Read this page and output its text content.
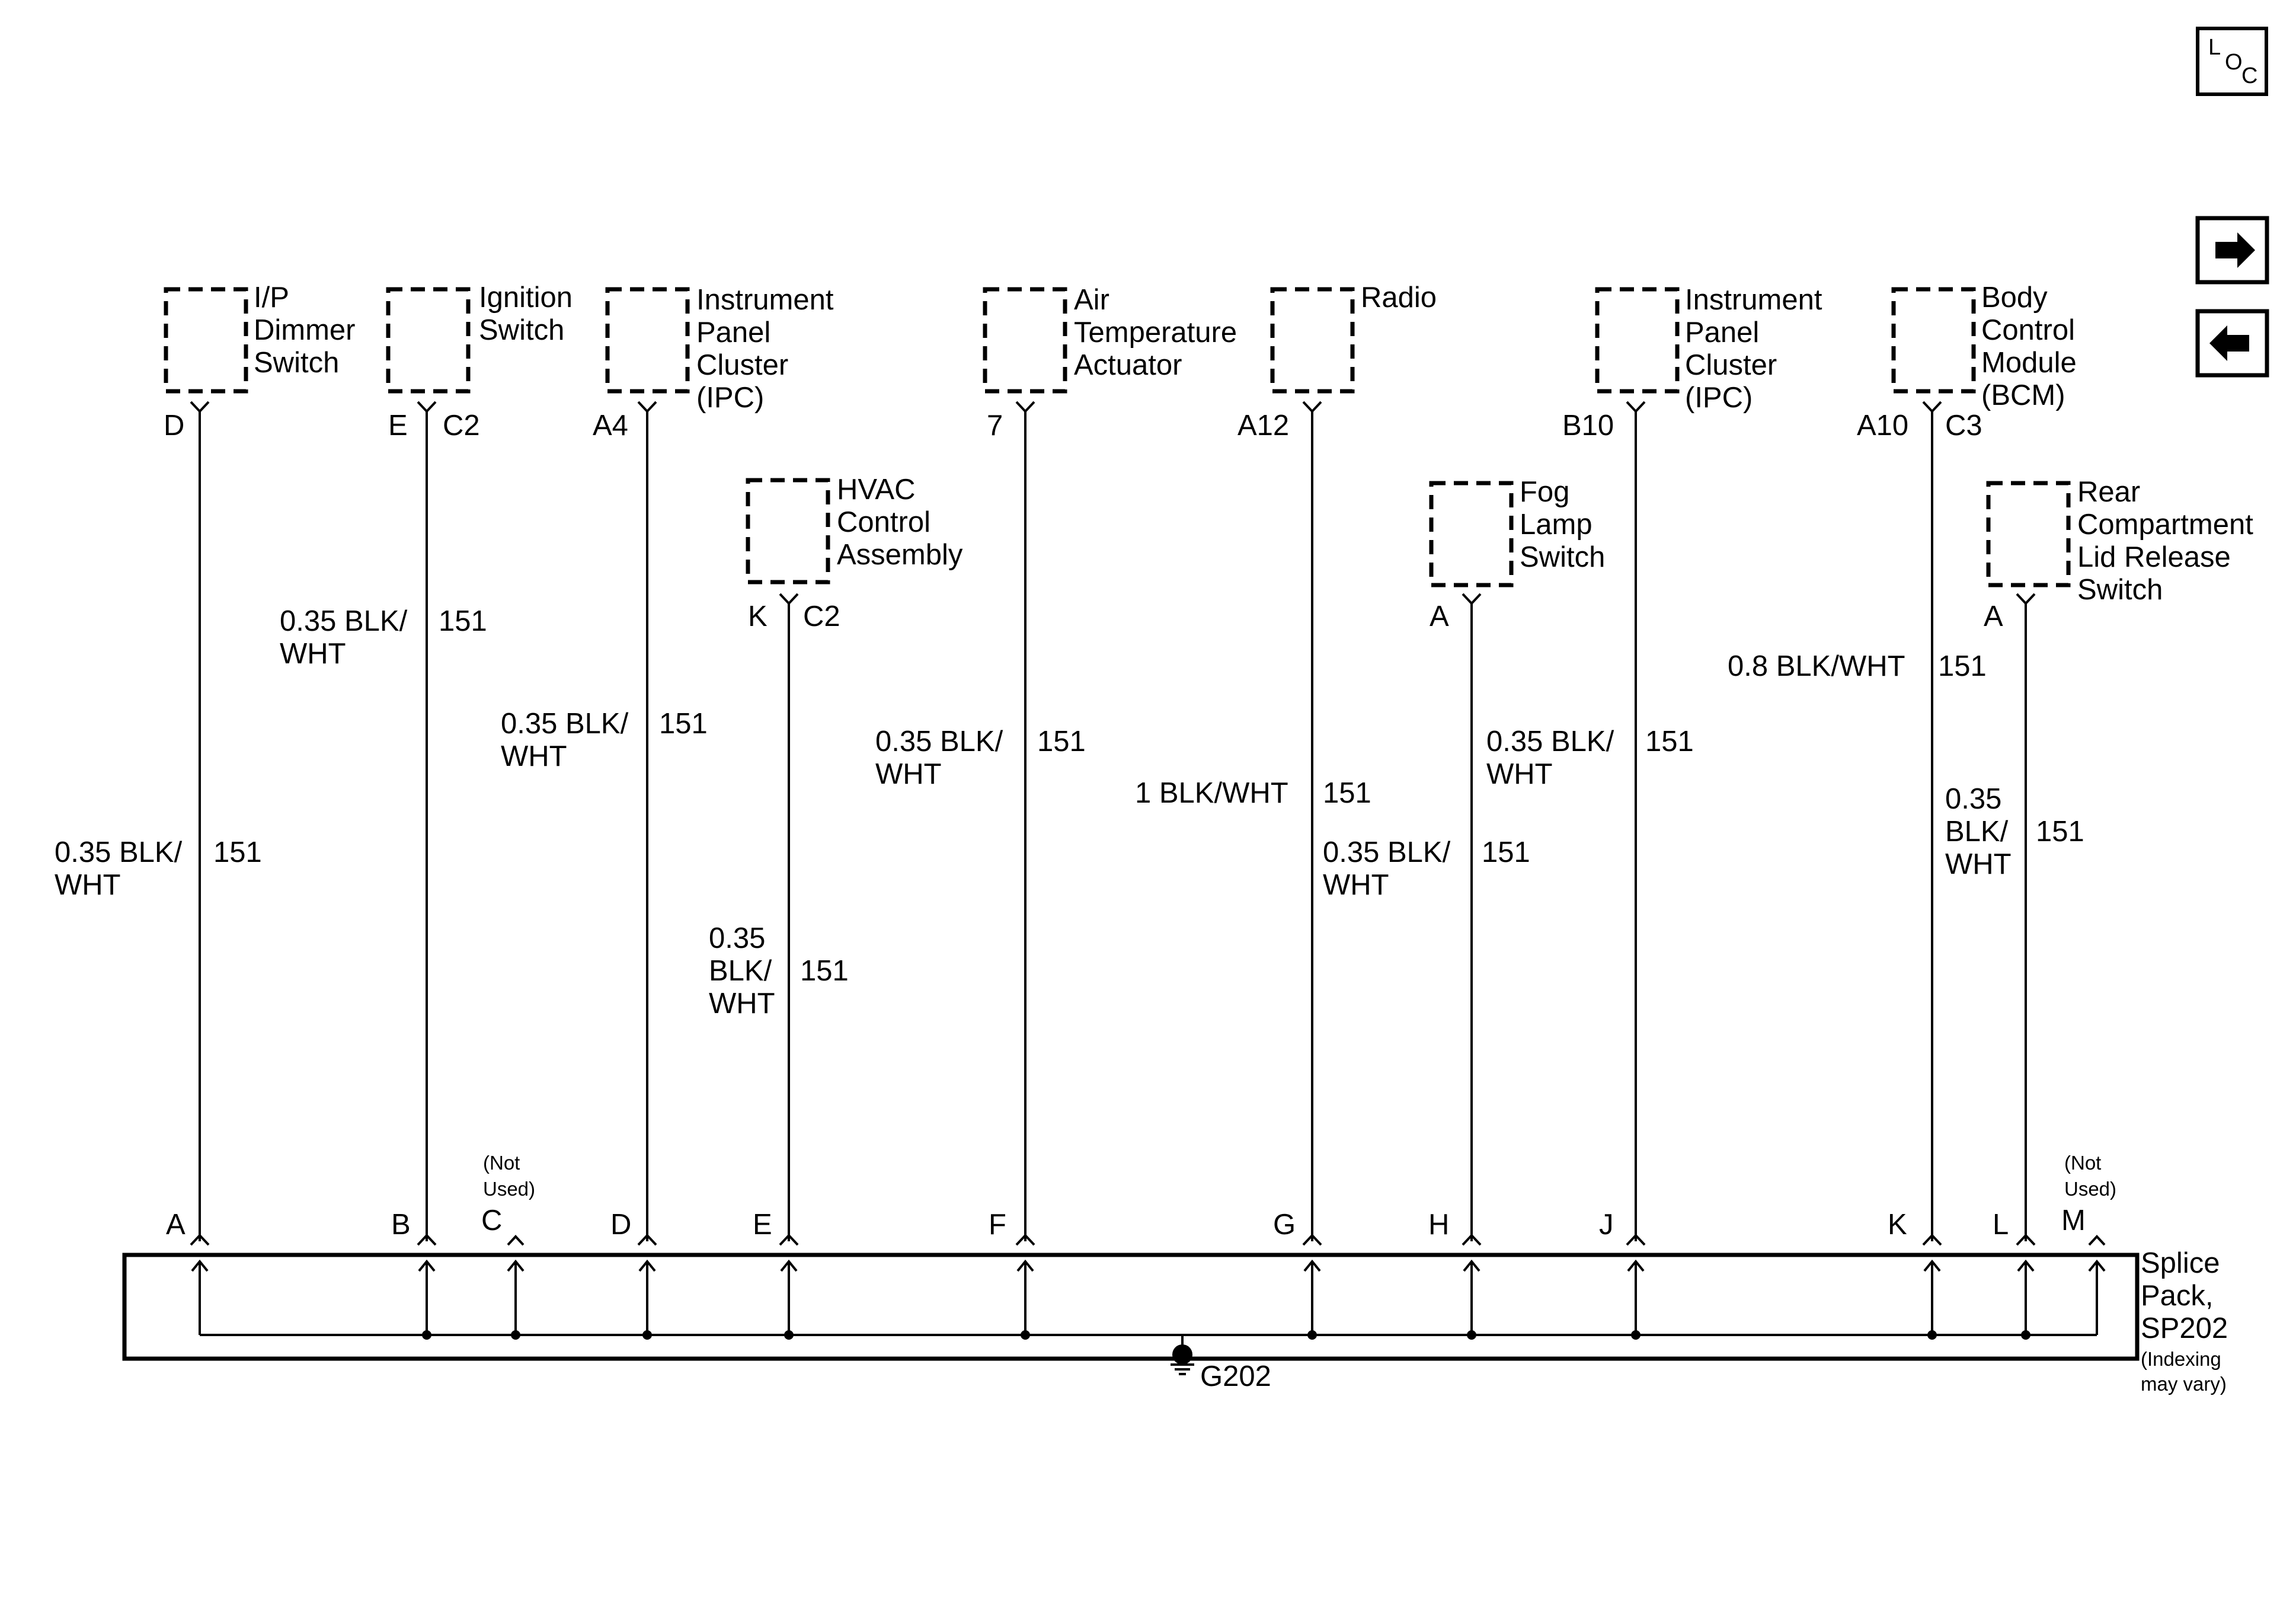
L
O
C
I/P
Dimmer
Switch
Ignition
Switch
Instrument
Panel
Cluster
(IPC)
HVAC
Control
Assembly
Air
Temperature
Actuator
Radio
Fog
Lamp
Switch
Instrument
Panel
Cluster
(IPC)
Body
Control
Module
(BCM)
Rear
Compartment
Lid Release
Switch
D	E C2	A4
K C2
7	A12
A
B10	A10 C3
A
0.35 BLK/
WHT
151
0.35 BLK/
WHT
151
0.35 BLK/
WHT
151
0.35
BLK/
WHT
151
0.35 BLK/
WHT
151
1 BLK/WHT 151
0.35 BLK/
WHT
151
0.35 BLK/
WHT
151
0.8 BLK/WHT 151
0.35
BLK/
WHT
151
A	B C	D	E	F	G	H	J	K	L M
(Not
Used)
(Not
Used)
Splice
Pack,
SP202
(Indexing
may vary)
G202
